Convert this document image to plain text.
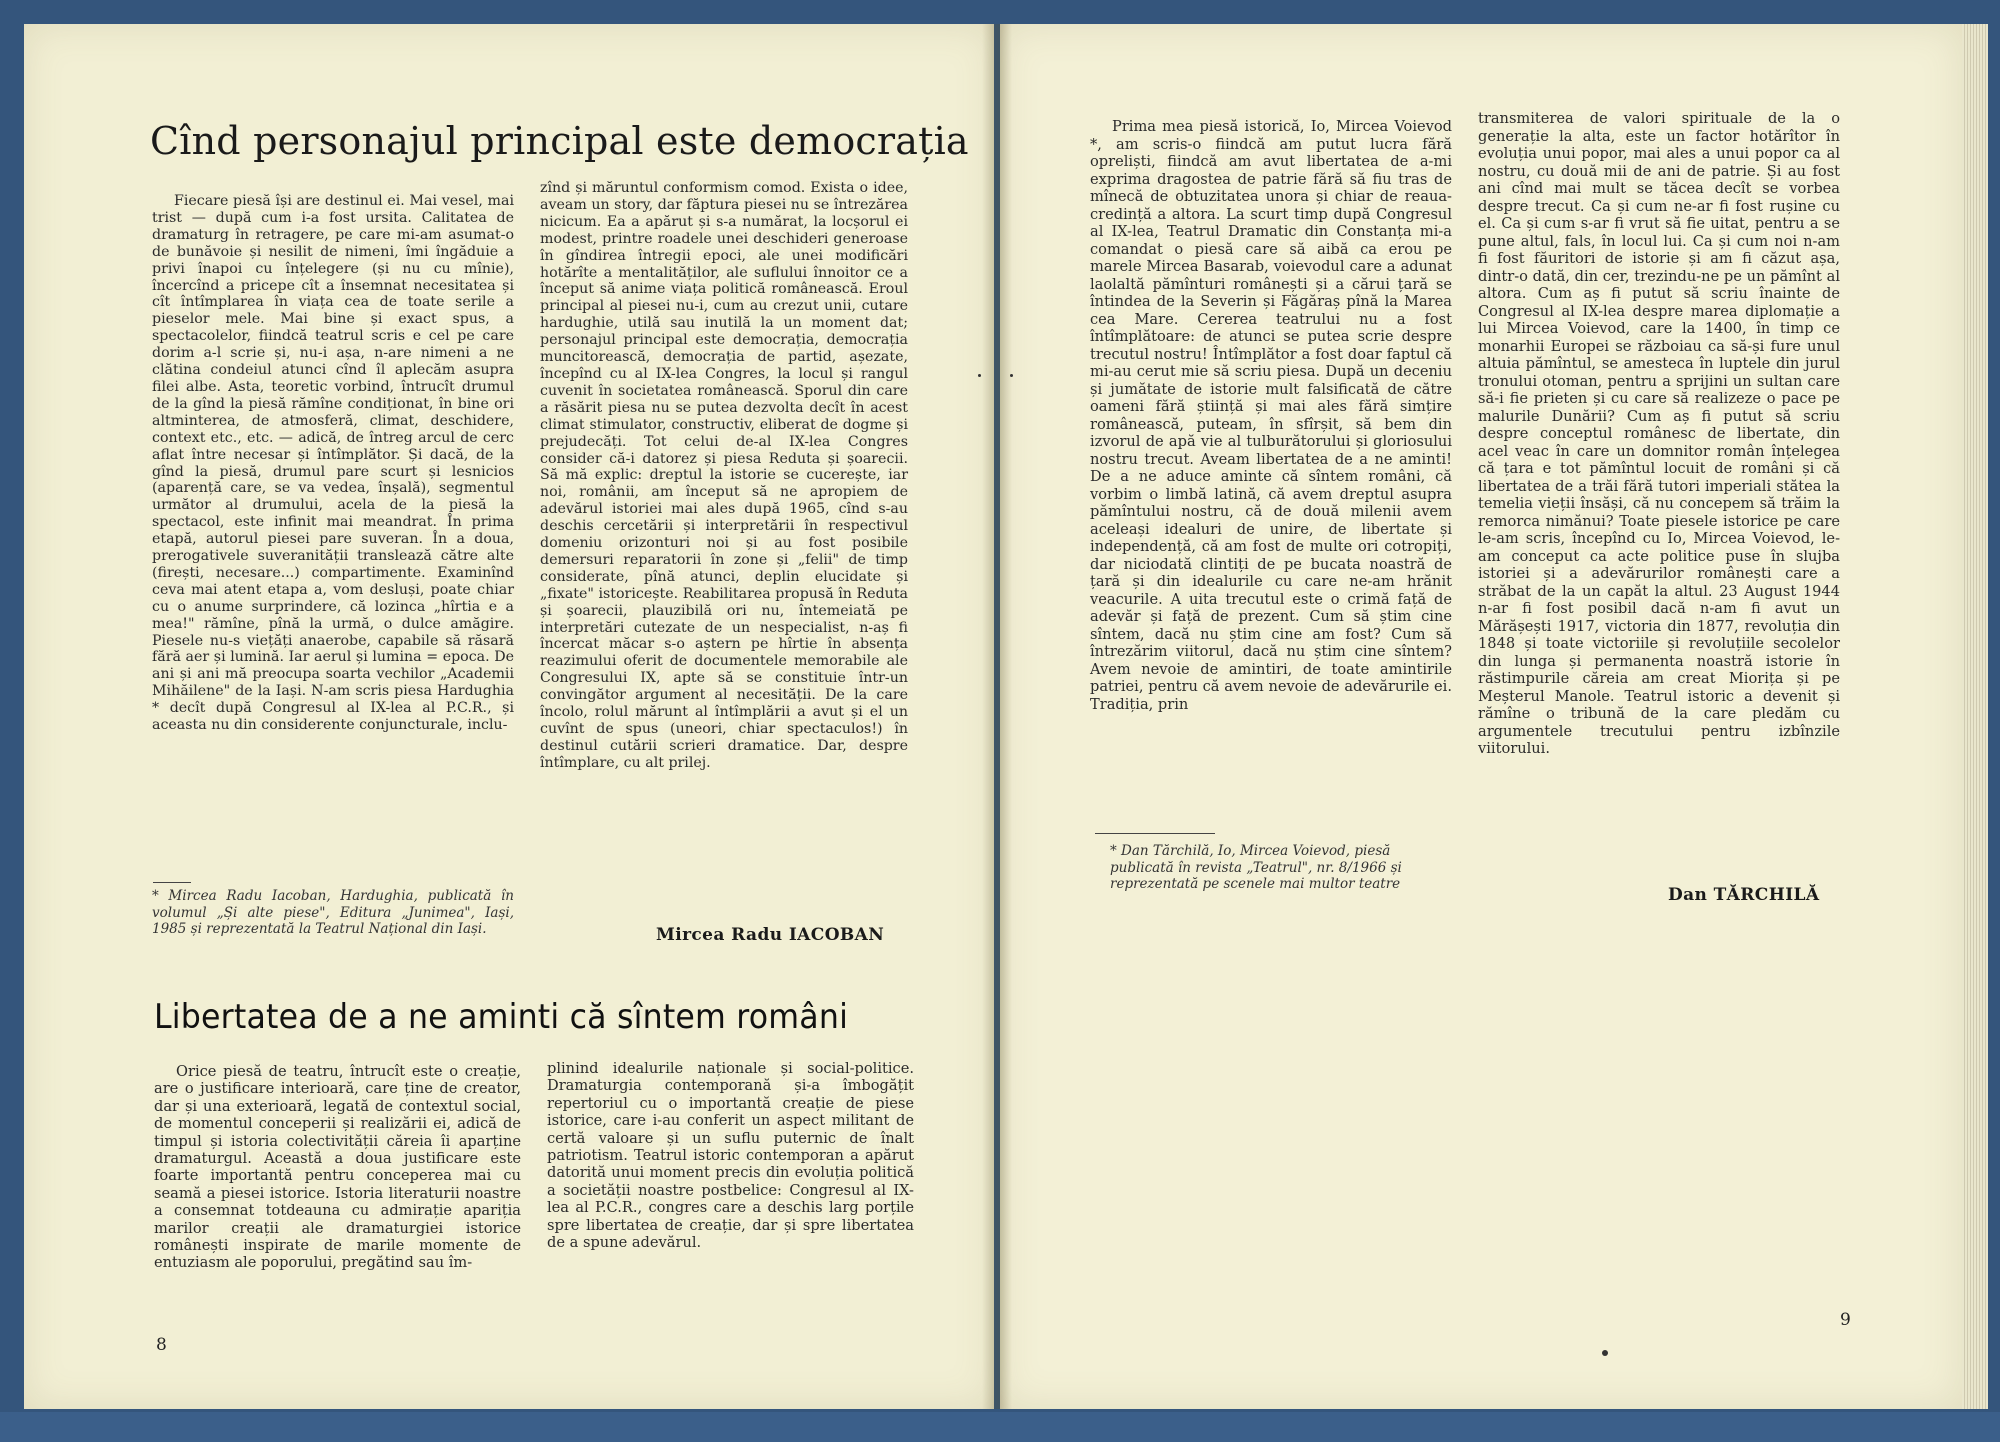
Cînd personajul principal este democrația

Fiecare piesă își are destinul ei. Mai vesel, mai trist — după cum i-a fost ursita. Calitatea de dramaturg în retragere, pe care mi-am asumat-o de bunăvoie și nesilit de nimeni, îmi îngăduie a privi înapoi cu înțelegere (și nu cu mînie), încercînd a pricepe cît a însemnat necesitatea și cît întîmplarea în viața cea de toate serile a pieselor mele. Mai bine și exact spus, a spectacolelor, fiindcă teatrul scris e cel pe care dorim a-l scrie și, nu-i așa, n-are nimeni a ne clătina condeiul atunci cînd îl aplecăm asupra filei albe. Asta, teoretic vorbind, întrucît drumul de la gînd la piesă rămîne condiționat, în bine ori altminterea, de atmosferă, climat, deschidere, context etc., etc. — adică, de întreg arcul de cerc aflat între necesar și întîmplător. Și dacă, de la gînd la piesă, drumul pare scurt și lesnicios (aparență care, se va vedea, înșală), segmentul următor al drumului, acela de la piesă la spectacol, este infinit mai meandrat. În prima etapă, autorul piesei pare suveran. În a doua, prerogativele suveranității translează către alte (firești, necesare...) compartimente. Examinînd ceva mai atent etapa a, vom desluși, poate chiar cu o anume surprindere, că lozinca „hîrtia e a mea!" rămîne, pînă la urmă, o dulce amăgire. Piesele nu-s viețăți anaerobe, capabile să răsară fără aer și lumină. Iar aerul și lumina = epoca. De ani și ani mă preocupa soarta vechilor „Academii Mihăilene" de la Iași. N-am scris piesa Hardughia * decît după Congresul al IX-lea al P.C.R., și aceasta nu din considerente conjuncturale, inclu-

zînd și măruntul conformism comod. Exista o idee, aveam un story, dar făptura piesei nu se întrezărea nicicum. Ea a apărut și s-a numărat, la locșorul ei modest, printre roadele unei deschideri generoase în gîndirea întregii epoci, ale unei modificări hotărîte a mentalităților, ale suflului înnoitor ce a început să anime viața politică românească. Eroul principal al piesei nu-i, cum au crezut unii, cutare hardughie, utilă sau inutilă la un moment dat; personajul principal este democrația, democrația muncitorească, democrația de partid, așezate, începînd cu al IX-lea Congres, la locul și rangul cuvenit în societatea românească. Sporul din care a răsărit piesa nu se putea dezvolta decît în acest climat stimulator, constructiv, eliberat de dogme și prejudecăți. Tot celui de-al IX-lea Congres consider că-i datorez și piesa Reduta și șoarecii. Să mă explic: dreptul la istorie se cucerește, iar noi, românii, am început să ne apropiem de adevărul istoriei mai ales după 1965, cînd s-au deschis cercetării și interpretării în respectivul domeniu orizonturi noi și au fost posibile demersuri reparatorii în zone și „felii" de timp considerate, pînă atunci, deplin elucidate și „fixate" istoricește. Reabilitarea propusă în Reduta și șoarecii, plauzibilă ori nu, întemeiată pe interpretări cutezate de un nespecialist, n-aș fi încercat măcar s-o aștern pe hîrtie în absența reazimului oferit de documentele memorabile ale Congresului IX, apte să se constituie într-un convingător argument al necesității. De la care încolo, rolul mărunt al întîmplării a avut și el un cuvînt de spus (uneori, chiar spectaculos!) în destinul cutării scrieri dramatice. Dar, despre întîmplare, cu alt prilej.

* Mircea Radu Iacoban, Hardughia, publicată în volumul „Și alte piese", Editura „Junimea", Iași, 1985 și reprezentată la Teatrul Național din Iași.	Mircea Radu IACOBAN
Libertatea de a ne aminti că sîntem români

Orice piesă de teatru, întrucît este o creație, are o justificare interioară, care ține de creator, dar și una exterioară, legată de contextul social, de momentul conceperii și realizării ei, adică de timpul și istoria colectivității căreia îi aparține dramaturgul. Această a doua justificare este foarte importantă pentru conceperea mai cu seamă a piesei istorice. Istoria literaturii noastre a consemnat totdeauna cu admirație apariția marilor creații ale dramaturgiei istorice românești inspirate de marile momente de entuziasm ale poporului, pregătind sau îm-

plinind idealurile naționale și social-politice. Dramaturgia contemporană și-a îmbogățit repertoriul cu o importantă creație de piese istorice, care i-au conferit un aspect militant de certă valoare și un suflu puternic de înalt patriotism. Teatrul istoric contemporan a apărut datorită unui moment precis din evoluția politică a societății noastre postbelice: Congresul al IX-lea al P.C.R., congres care a deschis larg porțile spre libertatea de creație, dar și spre libertatea de a spune adevărul.

8

Prima mea piesă istorică, Io, Mircea Voievod *, am scris-o fiindcă am putut lucra fără opreliști, fiindcă am avut libertatea de a-mi exprima dragostea de patrie fără să fiu tras de mînecă de obtuzitatea unora și chiar de reaua-credință a altora. La scurt timp după Congresul al IX-lea, Teatrul Dramatic din Constanța mi-a comandat o piesă care să aibă ca erou pe marele Mircea Basarab, voievodul care a adunat laolaltă pămînturi românești și a cărui țară se întindea de la Severin și Făgăraș pînă la Marea cea Mare. Cererea teatrului nu a fost întîmplătoare: de atunci se putea scrie despre trecutul nostru! Întîmplător a fost doar faptul că mi-au cerut mie să scriu piesa. După un deceniu și jumătate de istorie mult falsificată de către oameni fără știință și mai ales fără simțire românească, puteam, în sfîrșit, să bem din izvorul de apă vie al tulburătorului și gloriosului nostru trecut. Aveam libertatea de a ne aminti! De a ne aduce aminte că sîntem români, că vorbim o limbă latină, că avem dreptul asupra pămîntului nostru, că de două milenii avem aceleași idealuri de unire, de libertate și independență, că am fost de multe ori cotropiți, dar niciodată clintiți de pe bucata noastră de țară și din idealurile cu care ne-am hrănit veacurile. A uita trecutul este o crimă față de adevăr și față de prezent. Cum să știm cine sîntem, dacă nu știm cine am fost? Cum să întrezărim viitorul, dacă nu știm cine sîntem? Avem nevoie de amintiri, de toate amintirile patriei, pentru că avem nevoie de adevărurile ei. Tradiția, prin

* Dan Tărchilă, Io, Mircea Voievod, piesă publicată în revista „Teatrul", nr. 8/1966 și reprezentată pe scenele mai multor teatre

transmiterea de valori spirituale de la o generație la alta, este un factor hotărîtor în evoluția unui popor, mai ales a unui popor ca al nostru, cu două mii de ani de patrie. Și au fost ani cînd mai mult se tăcea decît se vorbea despre trecut. Ca și cum ne-ar fi fost rușine cu el. Ca și cum s-ar fi vrut să fie uitat, pentru a se pune altul, fals, în locul lui. Ca și cum noi n-am fi fost făuritori de istorie și am fi căzut așa, dintr-o dată, din cer, trezindu-ne pe un pămînt al altora. Cum aș fi putut să scriu înainte de Congresul al IX-lea despre marea diplomație a lui Mircea Voievod, care la 1400, în timp ce monarhii Europei se războiau ca să-și fure unul altuia pămîntul, se amesteca în luptele din jurul tronului otoman, pentru a sprijini un sultan care să-i fie prieten și cu care să realizeze o pace pe malurile Dunării? Cum aș fi putut să scriu despre conceptul românesc de libertate, din acel veac în care un domnitor român înțelegea că țara e tot pămîntul locuit de români și că libertatea de a trăi fără tutori imperiali stătea la temelia vieții însăși, că nu concepem să trăim la remorca nimănui? Toate piesele istorice pe care le-am scris, începînd cu Io, Mircea Voievod, le-am conceput ca acte politice puse în slujba istoriei și a adevărurilor românești care a străbat de la un capăt la altul. 23 August 1944 n-ar fi fost posibil dacă n-am fi avut un Mărășești 1917, victoria din 1877, revoluția din 1848 și toate victoriile și revoluțiile secolelor din lunga și permanenta noastră istorie în răstimpurile căreia am creat Miorița și pe Meșterul Manole. Teatrul istoric a devenit și rămîne o tribună de la care pledăm cu argumentele trecutului pentru izbînzile viitorului.

Dan TĂRCHILĂ
9
